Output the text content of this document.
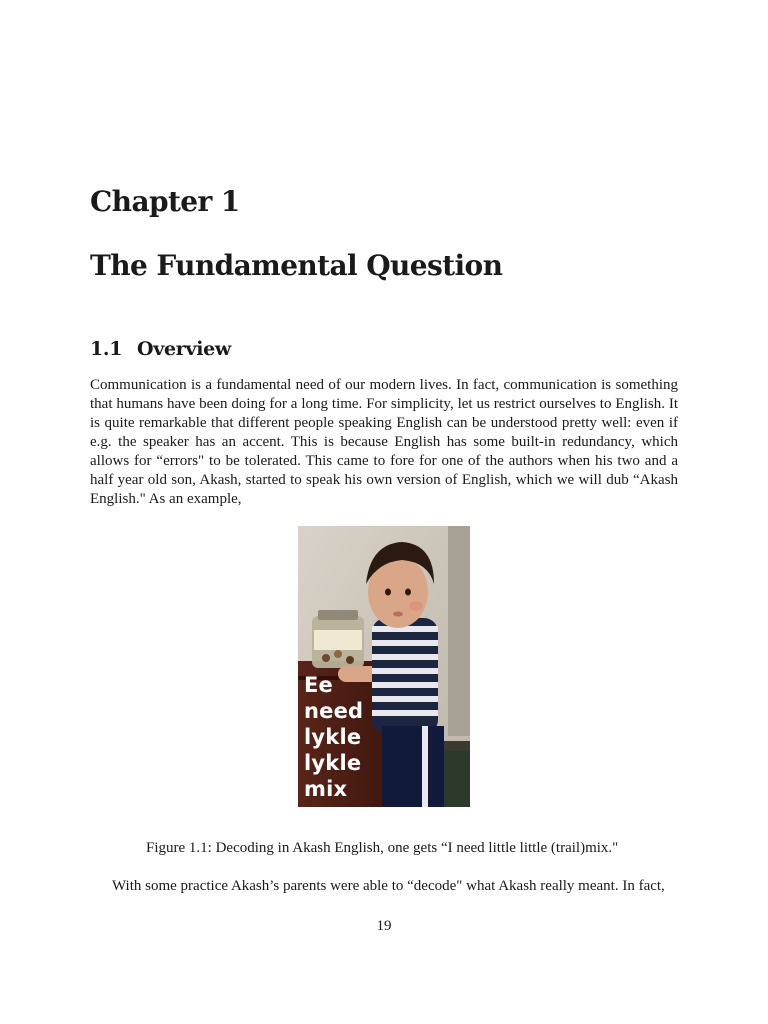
Chapter 1
The Fundamental Question
1.1 Overview

Communication is a fundamental need of our modern lives. In fact, communication is something that humans have been doing for a long time. For simplicity, let us restrict ourselves to English. It is quite remarkable that different people speaking English can be understood pretty well: even if e.g. the speaker has an accent. This is because English has some built-in redundancy, which allows for “errors" to be tolerated. This came to fore for one of the authors when his two and a half year old son, Akash, started to speak his own version of English, which we will dub “Akash English." As an example,

Ee
need
lykle
lykle
mix

Figure 1.1: Decoding in Akash English, one gets “I need little little (trail)mix."

With some practice Akash’s parents were able to “decode" what Akash really meant. In fact,

19
